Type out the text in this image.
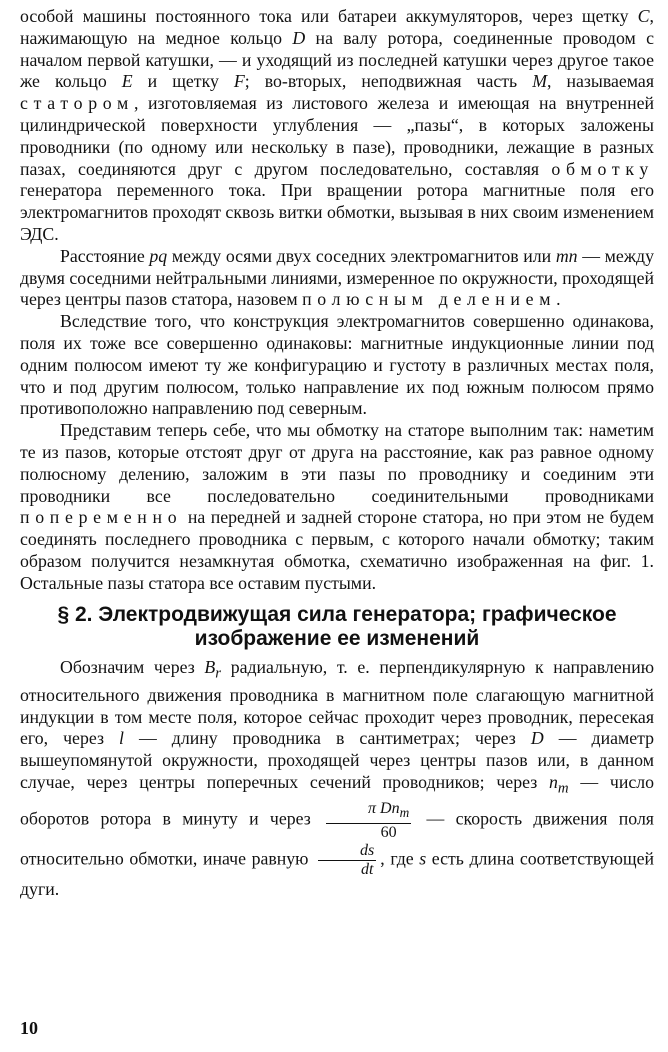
особой машины постоянного тока или батареи аккумуляторов, через щетку C, нажимающую на медное кольцо D на валу ротора, соединенные проводом с началом первой катушки, — и уходящий из последней катушки через другое такое же кольцо E и щетку F; во-вторых, неподвижная часть M, называемая статором, изготовляемая из листового железа и имеющая на внутренней цилиндрической поверхности углубления — „пазы“, в которых заложены проводники (по одному или нескольку в пазе), проводники, лежащие в разных пазах, соединяются друг с другом последовательно, составляя обмотку генератора переменного тока. При вращении ротора магнитные поля его электромагнитов проходят сквозь витки обмотки, вызывая в них своим изменением ЭДС.

Расстояние pq между осями двух соседних электромагнитов или mn — между двумя соседними нейтральными линиями, измеренное по окружности, проходящей через центры пазов статора, назовем полюсным делением.

Вследствие того, что конструкция электромагнитов совершенно одинакова, поля их тоже все совершенно одинаковы: магнитные индукционные линии под одним полюсом имеют ту же конфигурацию и густоту в различных местах поля, что и под другим полюсом, только направление их под южным полюсом прямо противоположно направлению под северным.

Представим теперь себе, что мы обмотку на статоре выполним так: наметим те из пазов, которые отстоят друг от друга на расстояние, как раз равное одному полюсному делению, заложим в эти пазы по проводнику и соединим эти проводники все последовательно соединительными проводниками попеременно на передней и задней стороне статора, но при этом не будем соединять последнего проводника с первым, с которого начали обмотку; таким образом получится незамкнутая обмотка, схематично изображенная на фиг. 1. Остальные пазы статора все оставим пустыми.

§ 2. Электродвижущая сила генератора; графическое изображение ее изменений

Обозначим через $B_r$ радиальную, т. е. перпендикулярную к направлению относительного движения проводника в магнитном поле слагающую магнитной индукции в том месте поля, которое сейчас проходит через проводник, пересекая его, через l — длину проводника в сантиметрах; через D — диаметр вышеупомянутой окружности, проходящей через центры пазов или, в данном случае, через центры поперечных сечений проводников; через $n_m$ — число оборотов ротора в минуту и через $\frac{\pi Dn_m}{60}$ — скорость движения поля относительно обмотки, иначе равную $\frac{ds}{dt}$ , где s есть длина соответствующей дуги.

10
